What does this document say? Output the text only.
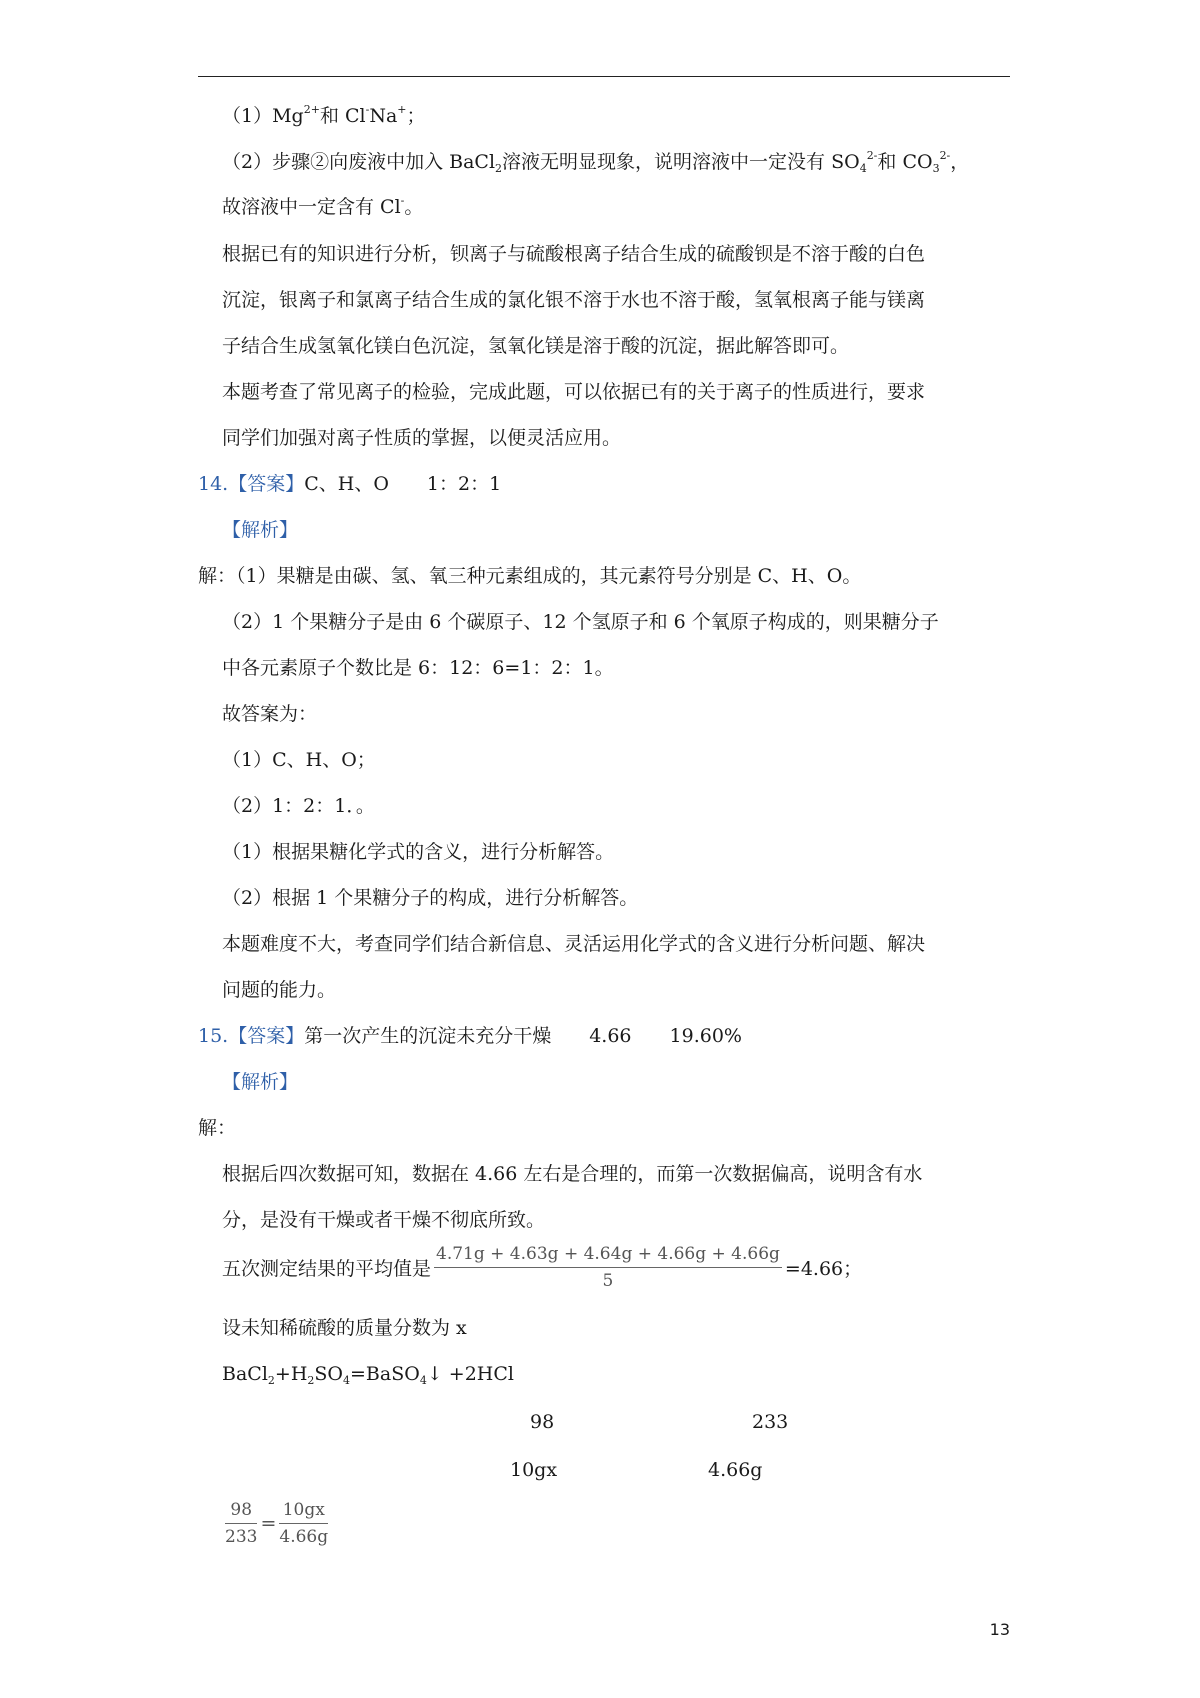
$(1)Mg^{2+}$和 Cl-Na+；
（2）步骤②向废液中加入 BaCl$_2$溶液无明显现象，说明溶液中一定没有 $SO_4^{2-}$和 $CO_3^{2-}$，
故溶液中一定含有 Cl-。
根据已有的知识进行分析，钡离子与硫酸根离子结合生成的硫酸钡是不溶于酸的白色
沉淀，银离子和氯离子结合生成的氯化银不溶于水也不溶于酸，氢氧根离子能与镁离
子结合生成氢氧化镁白色沉淀，氢氧化镁是溶于酸的沉淀，据此解答即可。
本题考查了常见离子的检验，完成此题，可以依据已有的关于离子的性质进行，要求
同学们加强对离子性质的掌握，以便灵活应用。
14.【答案】C、H、O　　1：2：1
【解析】
解：（1）果糖是由碳、氢、氧三种元素组成的，其元素符号分别是 C、H、O。
（2）1 个果糖分子是由 6 个碳原子、12 个氢原子和 6 个氧原子构成的，则果糖分子
中各元素原子个数比是 6：12：6=1：2：1。
故答案为：
（1）C、H、O；
（2）1：2：1．。
（1）根据果糖化学式的含义，进行分析解答。
（2）根据 1 个果糖分子的构成，进行分析解答。
本题难度不大，考查同学们结合新信息、灵活运用化学式的含义进行分析问题、解决
问题的能力。
15.【答案】第一次产生的沉淀未充分干燥　　4.66　　19.60%
【解析】
解：
根据后四次数据可知，数据在 4.66 左右是合理的，而第一次数据偏高，说明含有水
分，是没有干燥或者干燥不彻底所致。
五次测定结果的平均值是 $\frac{4.71g + 4.63g + 4.64g + 4.66g + 4.66g}{5} =4.66$；
设未知稀硫酸的质量分数为 x
$BaCl_2+H_2SO_4=BaSO_4↓ +2HCl$
98	233
10gx	4.66g
$\frac{98}{233} = \frac{10gx}{4.66g}$
13
